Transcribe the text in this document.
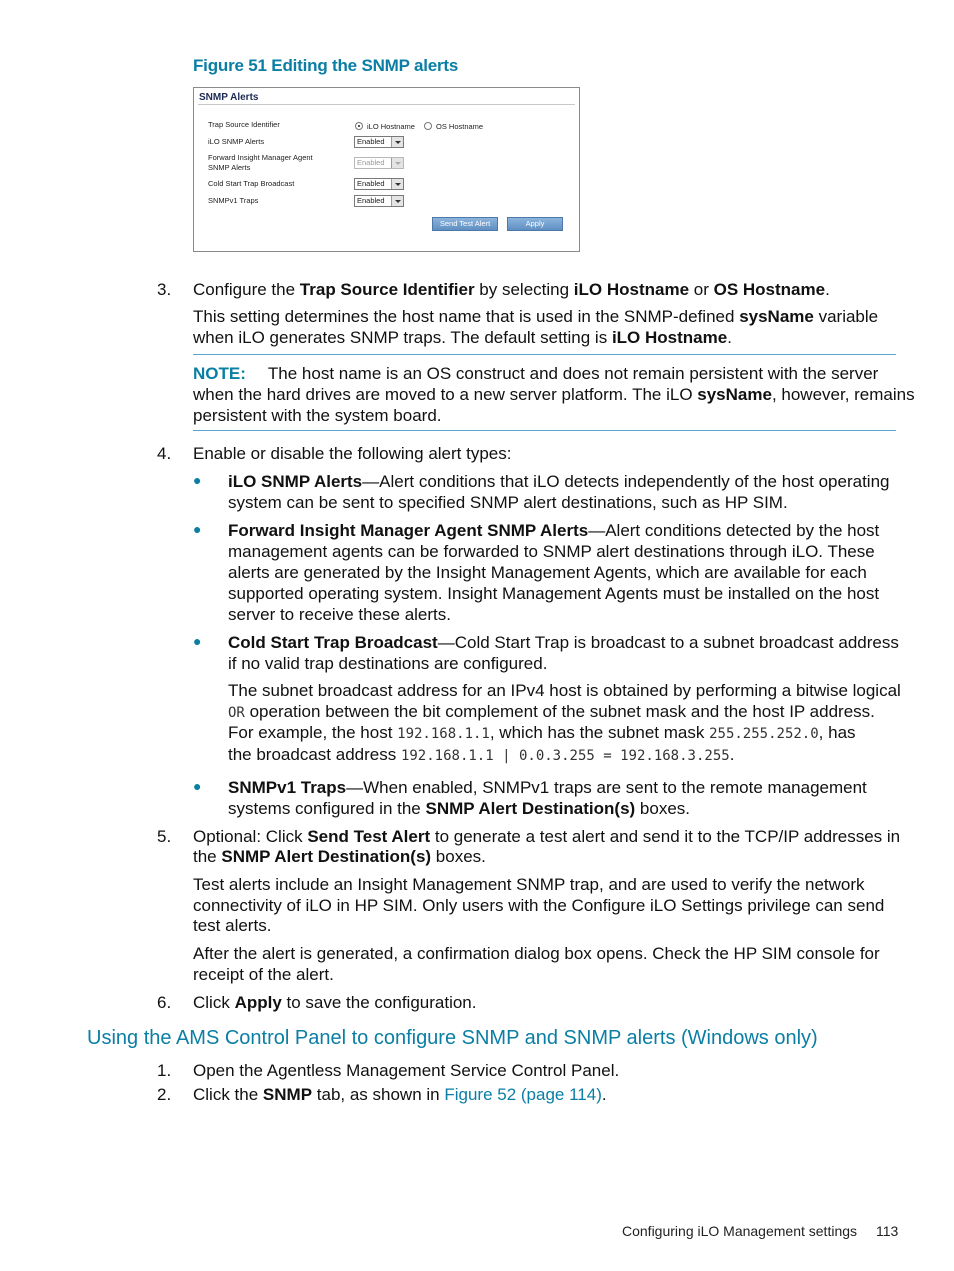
Figure 51 Editing the SNMP alerts
SNMP Alerts
Trap Source Identifier	iLO Hostname	OS Hostname
iLO SNMP Alerts	Enabled
Forward Insight Manager Agent
SNMP Alerts
Enabled
Cold Start Trap Broadcast	Enabled
SNMPv1 Traps	Enabled
Send Test Alert	Apply
3. Configure the Trap Source Identifier by selecting iLO Hostname or OS Hostname.
This setting determines the host name that is used in the SNMP-defined sysName variable
when iLO generates SNMP traps. The default setting is iLO Hostname.
NOTE: The host name is an OS construct and does not remain persistent with the server
when the hard drives are moved to a new server platform. The iLO sysName, however, remains
persistent with the system board.
4. Enable or disable the following alert types:
● iLO SNMP Alerts—Alert conditions that iLO detects independently of the host operating
system can be sent to specified SNMP alert destinations, such as HP SIM.
● Forward Insight Manager Agent SNMP Alerts—Alert conditions detected by the host
management agents can be forwarded to SNMP alert destinations through iLO. These
alerts are generated by the Insight Management Agents, which are available for each
supported operating system. Insight Management Agents must be installed on the host
server to receive these alerts.
● Cold Start Trap Broadcast—Cold Start Trap is broadcast to a subnet broadcast address
if no valid trap destinations are configured.
The subnet broadcast address for an IPv4 host is obtained by performing a bitwise logical
OR operation between the bit complement of the subnet mask and the host IP address.
For example, the host 192.168.1.1, which has the subnet mask 255.255.252.0, has
the broadcast address 192.168.1.1 | 0.0.3.255 = 192.168.3.255.
● SNMPv1 Traps—When enabled, SNMPv1 traps are sent to the remote management
systems configured in the SNMP Alert Destination(s) boxes.
5. Optional: Click Send Test Alert to generate a test alert and send it to the TCP/IP addresses in
the SNMP Alert Destination(s) boxes.
Test alerts include an Insight Management SNMP trap, and are used to verify the network
connectivity of iLO in HP SIM. Only users with the Configure iLO Settings privilege can send
test alerts.
After the alert is generated, a confirmation dialog box opens. Check the HP SIM console for
receipt of the alert.
6. Click Apply to save the configuration.
Using the AMS Control Panel to configure SNMP and SNMP alerts (Windows only)
1. Open the Agentless Management Service Control Panel.
2. Click the SNMP tab, as shown in Figure 52 (page 114).
Configuring iLO Management settings 113
